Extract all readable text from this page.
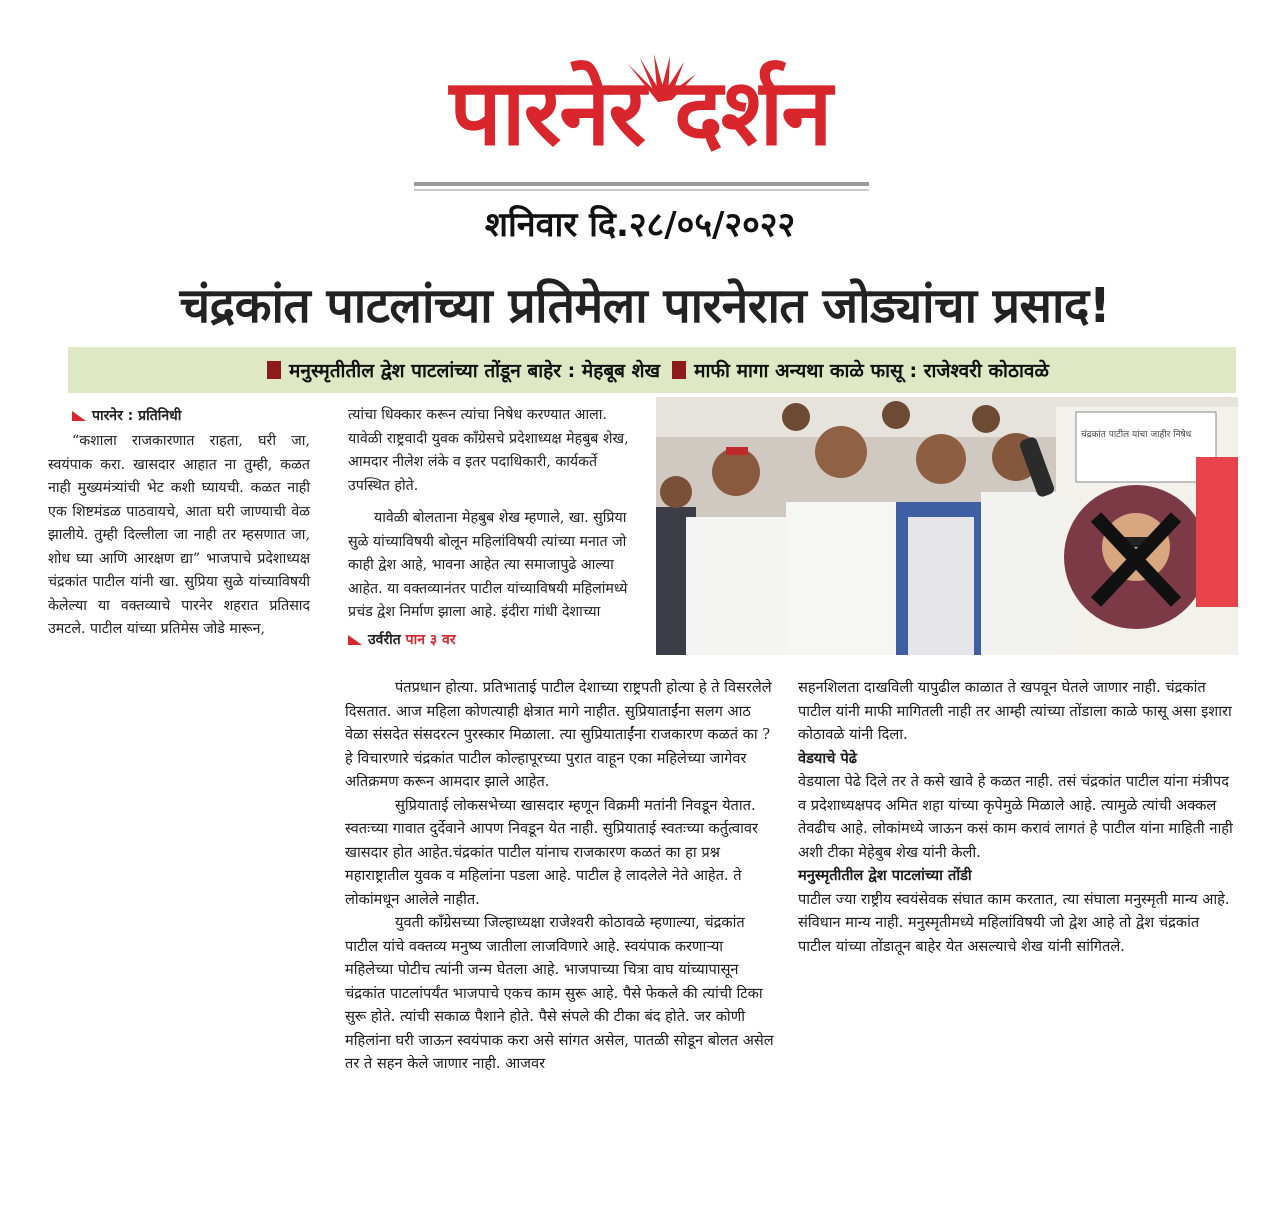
पारनेर दर्शन
शनिवार दि.२८/०५/२०२२
चंद्रकांत पाटलांच्या प्रतिमेला पारनेरात जोड्यांचा प्रसाद!
मनुस्मृतीतील द्वेश पाटलांच्या तोंडून बाहेर : मेहबूब शेख माफी मागा अन्यथा काळे फासू : राजेश्वरी कोठावळे
पारनेर : प्रतिनिधी

“कशाला राजकारणात राहता, घरी जा, स्वयंपाक करा. खासदार आहात ना तुम्ही, कळत नाही मुख्यमंत्र्यांची भेट कशी घ्यायची. कळत नाही एक शिष्टमंडळ पाठवायचे, आता घरी जाण्याची वेळ झालीये. तुम्ही दिल्लीला जा नाही तर म्हसणात जा, शोध घ्या आणि आरक्षण द्या” भाजपाचे प्रदेशाध्यक्ष चंद्रकांत पाटील यांनी खा. सुप्रिया सुळे यांच्याविषयी केलेल्या या वक्तव्याचे पारनेर शहरात प्रतिसाद उमटले. पाटील यांच्या प्रतिमेस जोडे मारून,

त्यांचा धिक्कार करून त्यांचा निषेध करण्यात आला. यावेळी राष्ट्रवादी युवक काँग्रेसचे प्रदेशाध्यक्ष मेहबुब शेख, आमदार नीलेश लंके व इतर पदाधिकारी, कार्यकर्ते उपस्थित होते.

यावेळी बोलताना मेहबुब शेख म्हणाले, खा. सुप्रिया सुळे यांच्याविषयी बोलून महिलांविषयी त्यांच्या मनात जो काही द्वेश आहे, भावना आहेत त्या समाजापुढे आल्या आहेत. या वक्तव्यानंतर पाटील यांच्याविषयी महिलांमध्ये प्रचंड द्वेश निर्माण झाला आहे. इंदीरा गांधी देशाच्या

उर्वरीत पान ३ वर
चंद्रकांत पाटील यांचा जाहीर निषेध

पंतप्रधान होत्या. प्रतिभाताई पाटील देशाच्या राष्ट्रपती होत्या हे ते विसरलेले दिसतात. आज महिला कोणत्याही क्षेत्रात मागे नाहीत. सुप्रियाताईंना सलग आठ वेळा संसदेत संसदरत्न पुरस्कार मिळाला. त्या सुप्रियाताईंना राजकारण कळतं का ? हे विचारणारे चंद्रकांत पाटील कोल्हापूरच्या पुरात वाहून एका महिलेच्या जागेवर अतिक्रमण करून आमदार झाले आहेत.

सुप्रियाताई लोकसभेच्या खासदार म्हणून विक्रमी मतांनी निवडून येतात. स्वतःच्या गावात दुर्देवाने आपण निवडून येत नाही. सुप्रियाताई स्वतःच्या कर्तुत्वावर खासदार होत आहेत.चंद्रकांत पाटील यांनाच राजकारण कळतं का हा प्रश्न महाराष्ट्रातील युवक व महिलांना पडला आहे. पाटील हे लादलेले नेते आहेत. ते लोकांमधून आलेले नाहीत.

युवती काँग्रेसच्या जिल्हाध्यक्षा राजेश्वरी कोठावळे म्हणाल्या, चंद्रकांत पाटील यांचे वक्तव्य मनुष्य जातीला लाजविणारे आहे. स्वयंपाक करणाऱ्या महिलेच्या पोटीच त्यांनी जन्म घेतला आहे. भाजपाच्या चित्रा वाघ यांच्यापासून चंद्रकांत पाटलांपर्यंत भाजपाचे एकच काम सुरू आहे. पैसे फेकले की त्यांची टिका सुरू होते. त्यांची सकाळ पैशाने होते. पैसे संपले की टीका बंद होते. जर कोणी महिलांना घरी जाऊन स्वयंपाक करा असे सांगत असेल, पातळी सोडून बोलत असेल तर ते सहन केले जाणार नाही. आजवर

सहनशिलता दाखविली यापुढील काळात ते खपवून घेतले जाणार नाही. चंद्रकांत पाटील यांनी माफी मागितली नाही तर आम्ही त्यांच्या तोंडाला काळे फासू असा इशारा कोठावळे यांनी दिला.

वेडयाचे पेढे

वेडयाला पेढे दिले तर ते कसे खावे हे कळत नाही. तसं चंद्रकांत पाटील यांना मंत्रीपद व प्रदेशाध्यक्षपद अमित शहा यांच्या कृपेमुळे मिळाले आहे. त्यामुळे त्यांची अक्कल तेवढीच आहे. लोकांमध्ये जाऊन कसं काम करावं लागतं हे पाटील यांना माहिती नाही अशी टीका मेहेबुब शेख यांनी केली.

मनुस्मृतीतील द्वेश पाटलांच्या तोंडी

पाटील ज्या राष्ट्रीय स्वयंसेवक संघात काम करतात, त्या संघाला मनुस्मृती मान्य आहे. संविधान मान्य नाही. मनुस्मृतीमध्ये महिलांविषयी जो द्वेश आहे तो द्वेश चंद्रकांत पाटील यांच्या तोंडातून बाहेर येत असल्याचे शेख यांनी सांगितले.
